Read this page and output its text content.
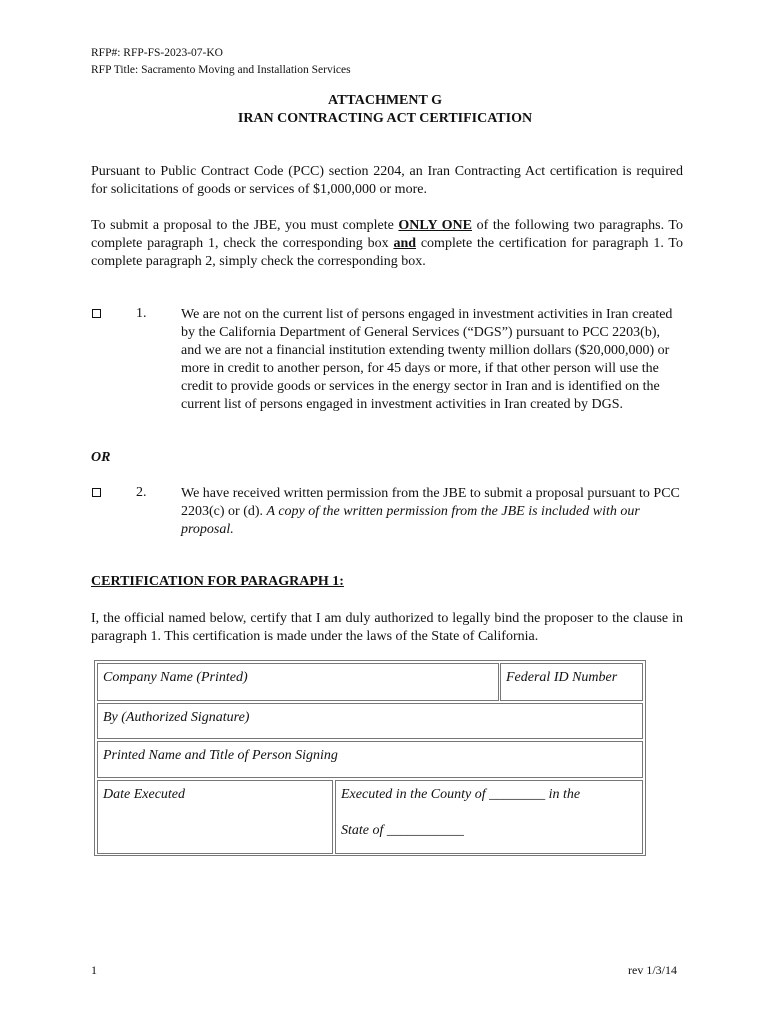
RFP#: RFP-FS-2023-07-KO
RFP Title: Sacramento Moving and Installation Services
ATTACHMENT G
IRAN CONTRACTING ACT CERTIFICATION
Pursuant to Public Contract Code (PCC) section 2204, an Iran Contracting Act certification is required for solicitations of goods or services of $1,000,000 or more.
To submit a proposal to the JBE, you must complete ONLY ONE of the following two paragraphs. To complete paragraph 1, check the corresponding box and complete the certification for paragraph 1. To complete paragraph 2, simply check the corresponding box.
1. We are not on the current list of persons engaged in investment activities in Iran created by the California Department of General Services (“DGS”) pursuant to PCC 2203(b), and we are not a financial institution extending twenty million dollars ($20,000,000) or more in credit to another person, for 45 days or more, if that other person will use the credit to provide goods or services in the energy sector in Iran and is identified on the current list of persons engaged in investment activities in Iran created by DGS.
OR
2. We have received written permission from the JBE to submit a proposal pursuant to PCC 2203(c) or (d). A copy of the written permission from the JBE is included with our proposal.
CERTIFICATION FOR PARAGRAPH 1:
I, the official named below, certify that I am duly authorized to legally bind the proposer to the clause in paragraph 1. This certification is made under the laws of the State of California.
Company Name (Printed)	Federal ID Number
By (Authorized Signature)
Printed Name and Title of Person Signing
Date Executed	Executed in the County of ________ in the
State of ___________
1	rev 1/3/14
